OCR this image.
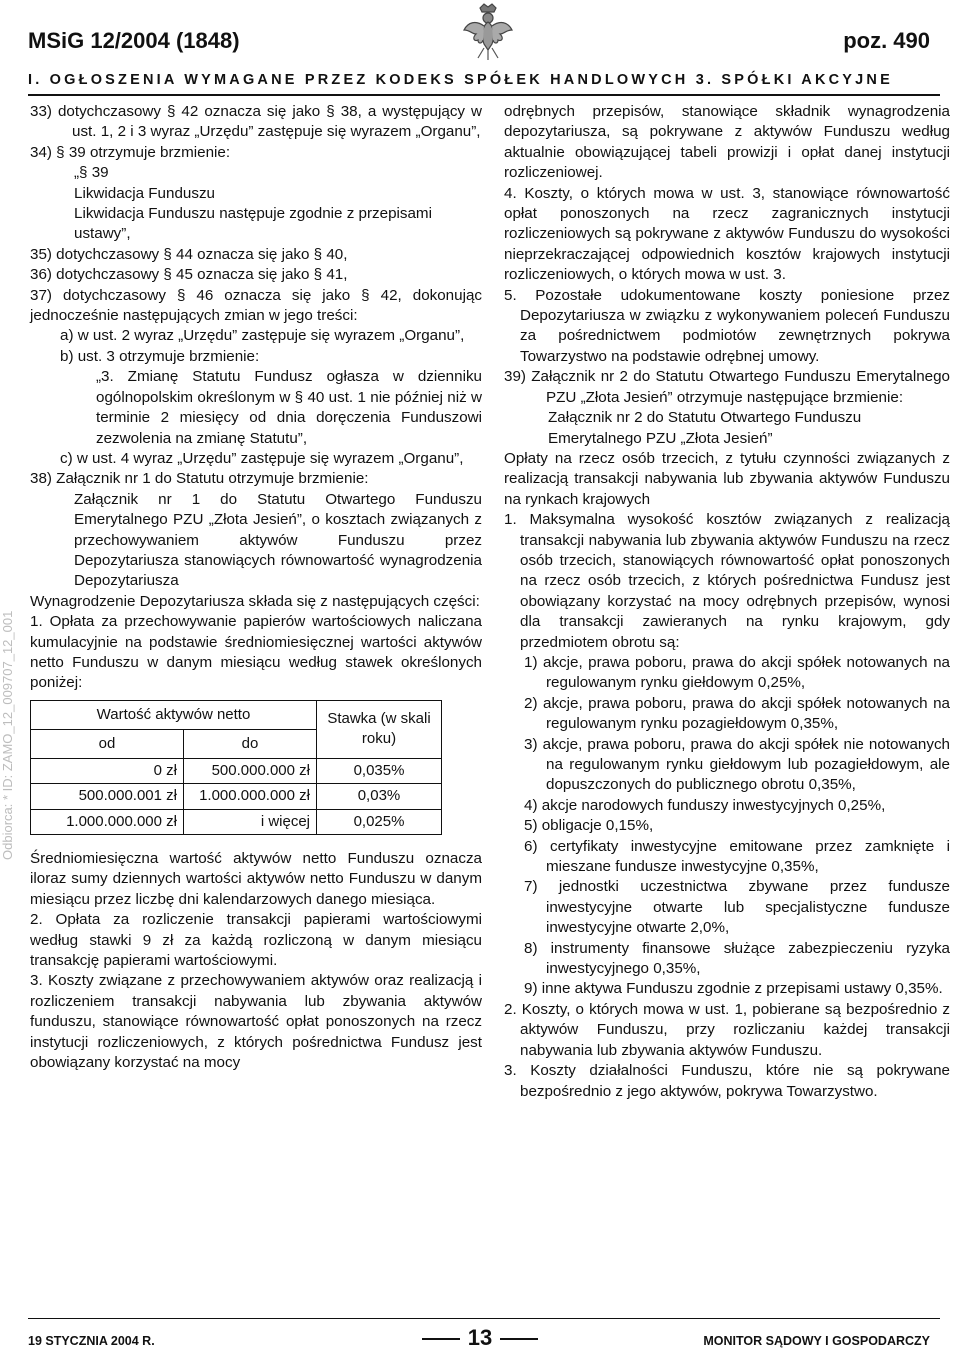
MSiG 12/2004 (1848)	poz. 490
I. OGŁOSZENIA WYMAGANE PRZEZ KODEKS SPÓŁEK HANDLOWYCH 3. SPÓŁKI AKCYJNE
Odbiorca: * ID: ZAMO_12_009707_12_001

33) dotychczasowy § 42 oznacza się jako § 38, a występujący w ust. 1, 2 i 3 wyraz „Urzędu” zastępuje się wyrazem „Organu”,

34) § 39 otrzymuje brzmienie:

„§ 39

Likwidacja Funduszu

Likwidacja Funduszu następuje zgodnie z przepisami ustawy”,

35) dotychczasowy § 44 oznacza się jako § 40,

36) dotychczasowy § 45 oznacza się jako § 41,

37) dotychczasowy § 46 oznacza się jako § 42, dokonując jednocześnie następujących zmian w jego treści:

a) w ust. 2 wyraz „Urzędu” zastępuje się wyrazem „Organu”,

b) ust. 3 otrzymuje brzmienie:

„3. Zmianę Statutu Fundusz ogłasza w dzienniku ogólnopolskim określonym w § 40 ust. 1 nie później niż w terminie 2 miesięcy od dnia doręczenia Funduszowi zezwolenia na zmianę Statutu”,

c) w ust. 4 wyraz „Urzędu” zastępuje się wyrazem „Organu”,

38) Załącznik nr 1 do Statutu otrzymuje brzmienie:

Załącznik nr 1 do Statutu Otwartego Funduszu Emerytalnego PZU „Złota Jesień”, o kosztach związanych z przechowywaniem aktywów Funduszu przez Depozytariusza stanowiących równowartość wynagrodzenia Depozytariusza

Wynagrodzenie Depozytariusza składa się z następujących części:

1. Opłata za przechowywanie papierów wartościowych naliczana kumulacyjnie na podstawie średniomiesięcznej wartości aktywów netto Funduszu w danym miesiącu według stawek określonych poniżej:

Wartość aktywów netto		Stawka (w skali roku)
od	do	
0 zł	500.000.000 zł	0,035%
500.000.001 zł	1.000.000.000 zł	0,03%
1.000.000.000 zł	i więcej	0,025%

Średniomiesięczna wartość aktywów netto Funduszu oznacza iloraz sumy dziennych wartości aktywów netto Funduszu w danym miesiącu przez liczbę dni kalendarzowych danego miesiąca.

2. Opłata za rozliczenie transakcji papierami wartościowymi według stawki 9 zł za każdą rozliczoną w danym miesiącu transakcję papierami wartościowymi.

3. Koszty związane z przechowywaniem aktywów oraz realizacją i rozliczeniem transakcji nabywania lub zbywania aktywów funduszu, stanowiące równowartość opłat ponoszonych na rzecz instytucji rozliczeniowych, z których pośrednictwa Fundusz jest obowiązany korzystać na mocy

odrębnych przepisów, stanowiące składnik wynagrodzenia depozytariusza, są pokrywane z aktywów Funduszu według aktualnie obowiązującej tabeli prowizji i opłat danej instytucji rozliczeniowej.

4. Koszty, o których mowa w ust. 3, stanowiące równowartość opłat ponoszonych na rzecz zagranicznych instytucji rozliczeniowych są pokrywane z aktywów Funduszu do wysokości nieprzekraczającej odpowiednich kosztów krajowych instytucji rozliczeniowych, o których mowa w ust. 3.

5. Pozostałe udokumentowane koszty poniesione przez Depozytariusza w związku z wykonywaniem poleceń Funduszu za pośrednictwem podmiotów zewnętrznych pokrywa Towarzystwo na podstawie odrębnej umowy.

39) Załącznik nr 2 do Statutu Otwartego Funduszu Emerytalnego PZU „Złota Jesień” otrzymuje następujące brzmienie:

Załącznik nr 2 do Statutu Otwartego Funduszu Emerytalnego PZU „Złota Jesień”

Opłaty na rzecz osób trzecich, z tytułu czynności związanych z realizacją transakcji nabywania lub zbywania aktywów Funduszu na rynkach krajowych

1. Maksymalna wysokość kosztów związanych z realizacją transakcji nabywania lub zbywania aktywów Funduszu na rzecz osób trzecich, stanowiących równowartość opłat ponoszonych na rzecz osób trzecich, z których pośrednictwa Fundusz jest obowiązany korzystać na mocy odrębnych przepisów, wynosi dla transakcji zawieranych na rynku krajowym, gdy przedmiotem obrotu są:

1) akcje, prawa poboru, prawa do akcji spółek notowanych na regulowanym rynku giełdowym 0,25%,

2) akcje, prawa poboru, prawa do akcji spółek notowanych na regulowanym rynku pozagiełdowym 0,35%,

3) akcje, prawa poboru, prawa do akcji spółek nie notowanych na regulowanym rynku giełdowym lub pozagiełdowym, ale dopuszczonych do publicznego obrotu 0,35%,

4) akcje narodowych funduszy inwestycyjnych 0,25%,

5) obligacje 0,15%,

6) certyfikaty inwestycyjne emitowane przez zamknięte i mieszane fundusze inwestycyjne 0,35%,

7) jednostki uczestnictwa zbywane przez fundusze inwestycyjne otwarte lub specjalistyczne fundusze inwestycyjne otwarte 2,0%,

8) instrumenty finansowe służące zabezpieczeniu ryzyka inwestycyjnego 0,35%,

9) inne aktywa Funduszu zgodnie z przepisami ustawy 0,35%.

2. Koszty, o których mowa w ust. 1, pobierane są bezpośrednio z aktywów Funduszu, przy rozliczaniu każdej transakcji nabywania lub zbywania aktywów Funduszu.

3. Koszty działalności Funduszu, które nie są pokrywane bezpośrednio z jego aktywów, pokrywa Towarzystwo.

19 STYCZNIA 2004 R.	13	MONITOR SĄDOWY I GOSPODARCZY
